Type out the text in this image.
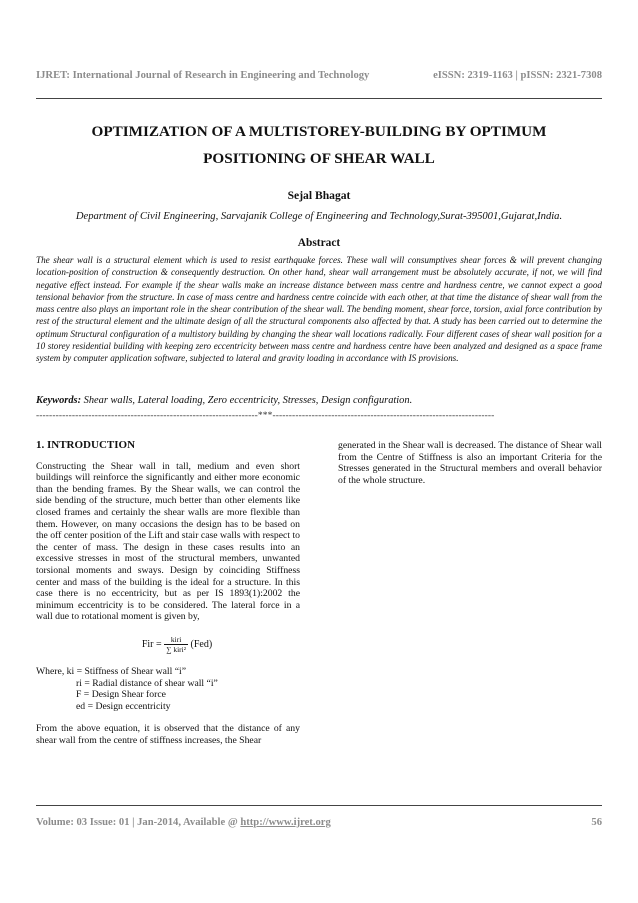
IJRET: International Journal of Research in Engineering and Technology	eISSN: 2319-1163 | pISSN: 2321-7308
OPTIMIZATION OF A MULTISTOREY-BUILDING BY OPTIMUM
POSITIONING OF SHEAR WALL
Sejal Bhagat
Department of Civil Engineering, Sarvajanik College of Engineering and Technology,Surat-395001,Gujarat,India.
Abstract

The shear wall is a structural element which is used to resist earthquake forces. These wall will consumptives shear forces & will prevent changing location-position of construction & consequently destruction. On other hand, shear wall arrangement must be absolutely accurate, if not, we will find negative effect instead. For example if the shear walls make an increase distance between mass centre and hardness centre, we cannot expect a good tensional behavior from the structure. In case of mass centre and hardness centre coincide with each other, at that time the distance of shear wall from the mass centre also plays an important role in the shear contribution of the shear wall. The bending moment, shear force, torsion, axial force contribution by rest of the structural element and the ultimate design of all the structural components also affected by that. A study has been carried out to determine the optimum Structural configuration of a multistory building by changing the shear wall locations radically. Four different cases of shear wall position for a 10 storey residential building with keeping zero eccentricity between mass centre and hardness centre have been analyzed and designed as a space frame system by computer application software, subjected to lateral and gravity loading in accordance with IS provisions.

Keywords: Shear walls, Lateral loading, Zero eccentricity, Stresses, Design configuration.

--------------------------------------------------------------------***--------------------------------------------------------------------

1. INTRODUCTION

Constructing the Shear wall in tall, medium and even short buildings will reinforce the significantly and either more economic than the bending frames. By the Shear walls, we can control the side bending of the structure, much better than other elements like closed frames and certainly the shear walls are more flexible than them. However, on many occasions the design has to be based on the off center position of the Lift and stair case walls with respect to the center of mass. The design in these cases results into an excessive stresses in most of the structural members, unwanted torsional moments and sways. Design by coinciding Stiffness center and mass of the building is the ideal for a structure. In this case there is no eccentricity, but as per IS 1893(1):2002 the minimum eccentricity is to be considered. The lateral force in a wall due to rotational moment is given by,

Fir = $\frac{\text{kiri}}{\text{∑ kiri²}} (Fed)$

Where, ki = Stiffness of Shear wall “i”
ri = Radial distance of shear wall “i”
F = Design Shear force
ed = Design eccentricity

From the above equation, it is observed that the distance of any shear wall from the centre of stiffness increases, the Shear

generated in the Shear wall is decreased. The distance of Shear wall from the Centre of Stiffness is also an important Criteria for the Stresses generated in the Structural members and overall behavior of the whole structure.

Volume: 03 Issue: 01 | Jan-2014, Available @ http://www.ijret.org	56
